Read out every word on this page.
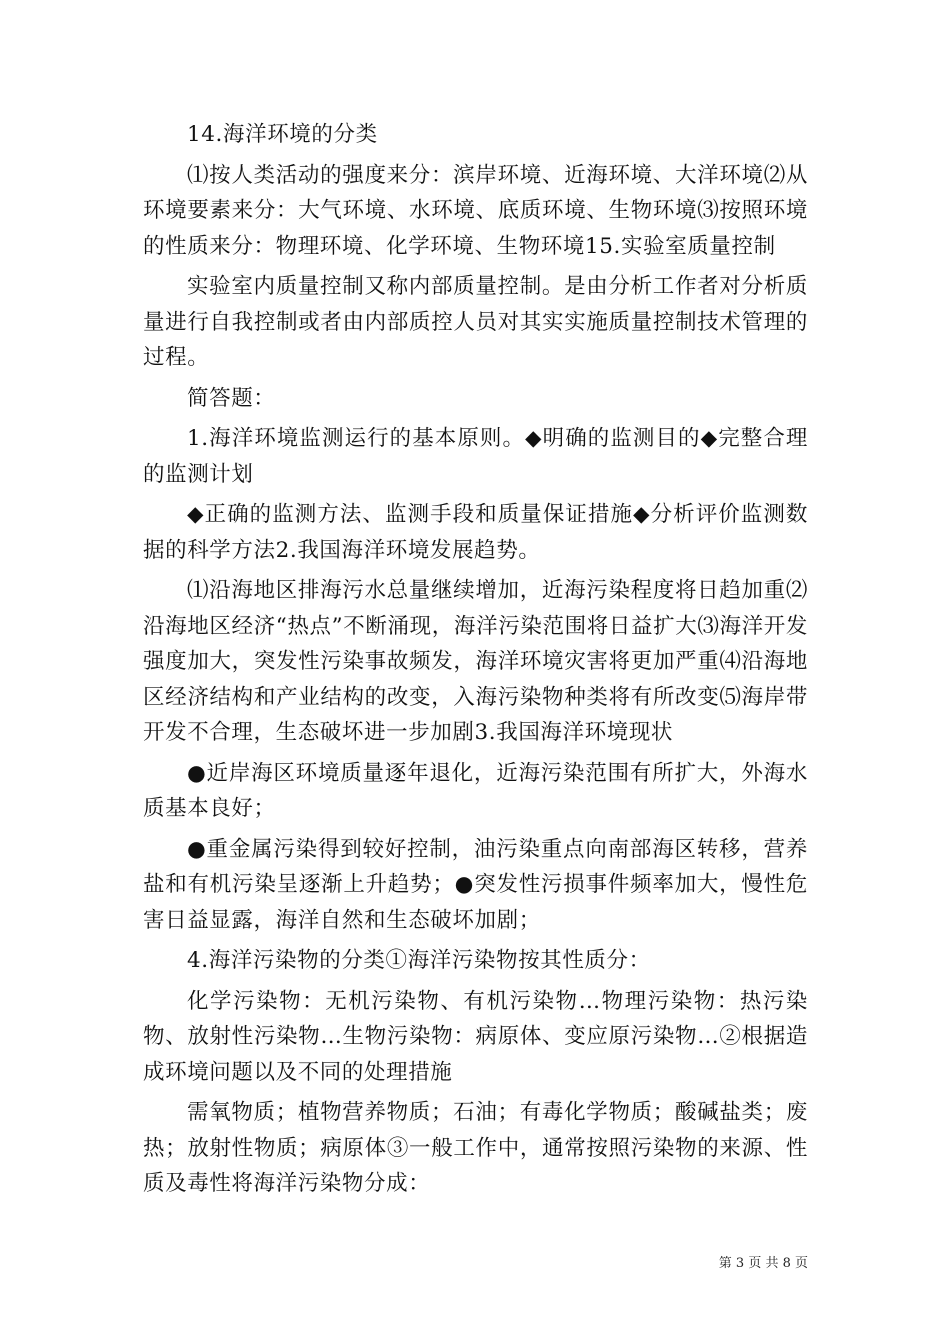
14.海洋环境的分类

⑴按人类活动的强度来分：滨岸环境、近海环境、大洋环境⑵从环境要素来分：大气环境、水环境、底质环境、生物环境⑶按照环境的性质来分：物理环境、化学环境、生物环境15.实验室质量控制

实验室内质量控制又称内部质量控制。是由分析工作者对分析质量进行自我控制或者由内部质控人员对其实实施质量控制技术管理的过程。

简答题：

1.海洋环境监测运行的基本原则。◆明确的监测目的◆完整合理的监测计划

◆正确的监测方法、监测手段和质量保证措施◆分析评价监测数据的科学方法2.我国海洋环境发展趋势。

⑴沿海地区排海污水总量继续增加，近海污染程度将日趋加重⑵沿海地区经济“热点”不断涌现，海洋污染范围将日益扩大⑶海洋开发强度加大，突发性污染事故频发，海洋环境灾害将更加严重⑷沿海地区经济结构和产业结构的改变，入海污染物种类将有所改变⑸海岸带开发不合理，生态破坏进一步加剧3.我国海洋环境现状

●近岸海区环境质量逐年退化，近海污染范围有所扩大，外海水质基本良好；

●重金属污染得到较好控制，油污染重点向南部海区转移，营养盐和有机污染呈逐渐上升趋势；●突发性污损事件频率加大，慢性危害日益显露，海洋自然和生态破坏加剧；

4.海洋污染物的分类①海洋污染物按其性质分：

化学污染物：无机污染物、有机污染物…物理污染物：热污染物、放射性污染物…生物污染物：病原体、变应原污染物…②根据造成环境问题以及不同的处理措施

需氧物质；植物营养物质；石油；有毒化学物质；酸碱盐类；废热；放射性物质；病原体③一般工作中，通常按照污染物的来源、性质及毒性将海洋污染物分成：

第 3 页 共 8 页
